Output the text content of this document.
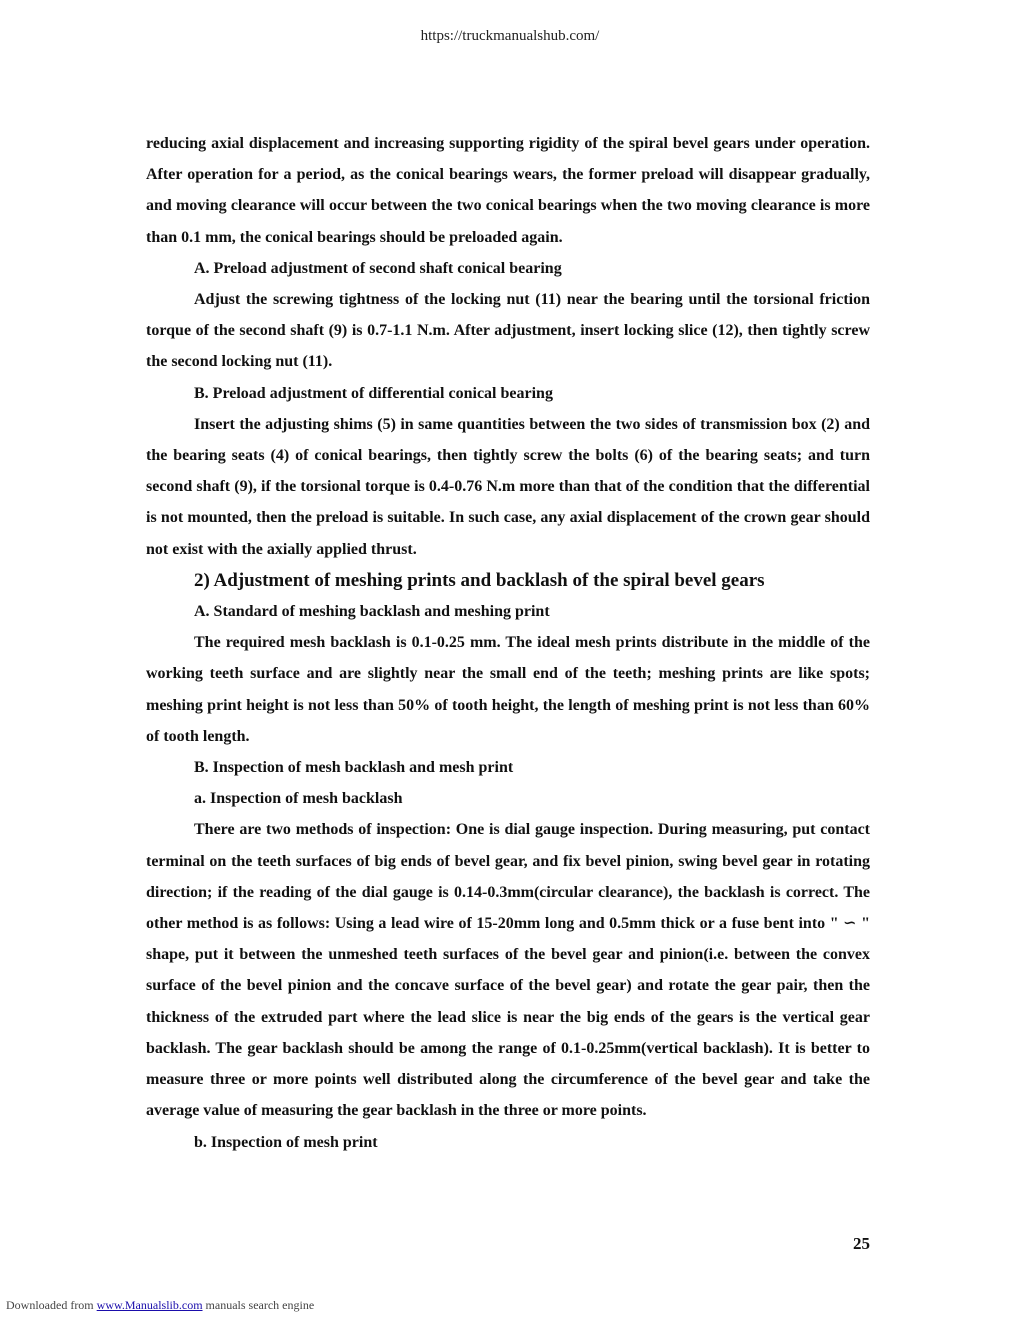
https://truckmanualshub.com/

reducing axial displacement and increasing supporting rigidity of the spiral bevel gears under operation. After operation for a period, as the conical bearings wears, the former preload will disappear gradually, and moving clearance will occur between the two conical bearings when the two moving clearance is more than 0.1 mm, the conical bearings should be preloaded again.

A. Preload adjustment of second shaft conical bearing

Adjust the screwing tightness of the locking nut (11) near the bearing until the torsional friction torque of the second shaft (9) is 0.7-1.1 N.m. After adjustment, insert locking slice (12), then tightly screw the second locking nut (11).

B. Preload adjustment of differential conical bearing

Insert the adjusting shims (5) in same quantities between the two sides of transmission box (2) and the bearing seats (4) of conical bearings, then tightly screw the bolts (6) of the bearing seats; and turn second shaft (9), if the torsional torque is 0.4-0.76 N.m more than that of the condition that the differential is not mounted, then the preload is suitable. In such case, any axial displacement of the crown gear should not exist with the axially applied thrust.

2) Adjustment of meshing prints and backlash of the spiral bevel gears

A. Standard of meshing backlash and meshing print

The required mesh backlash is 0.1-0.25 mm. The ideal mesh prints distribute in the middle of the working teeth surface and are slightly near the small end of the teeth; meshing prints are like spots; meshing print height is not less than 50% of tooth height, the length of meshing print is not less than 60% of tooth length.

B. Inspection of mesh backlash and mesh print

a. Inspection of mesh backlash

There are two methods of inspection: One is dial gauge inspection. During measuring, put contact terminal on the teeth surfaces of big ends of bevel gear, and fix bevel pinion, swing bevel gear in rotating direction; if the reading of the dial gauge is 0.14-0.3mm(circular clearance), the backlash is correct. The other method is as follows: Using a lead wire of 15-20mm long and 0.5mm thick or a fuse bent into " ∽ " shape, put it between the unmeshed teeth surfaces of the bevel gear and pinion(i.e. between the convex surface of the bevel pinion and the concave surface of the bevel gear) and rotate the gear pair, then the thickness of the extruded part where the lead slice is near the big ends of the gears is the vertical gear backlash. The gear backlash should be among the range of 0.1-0.25mm(vertical backlash). It is better to measure three or more points well distributed along the circumference of the bevel gear and take the average value of measuring the gear backlash in the three or more points.

b. Inspection of mesh print

25
Downloaded from www.Manualslib.com manuals search engine
